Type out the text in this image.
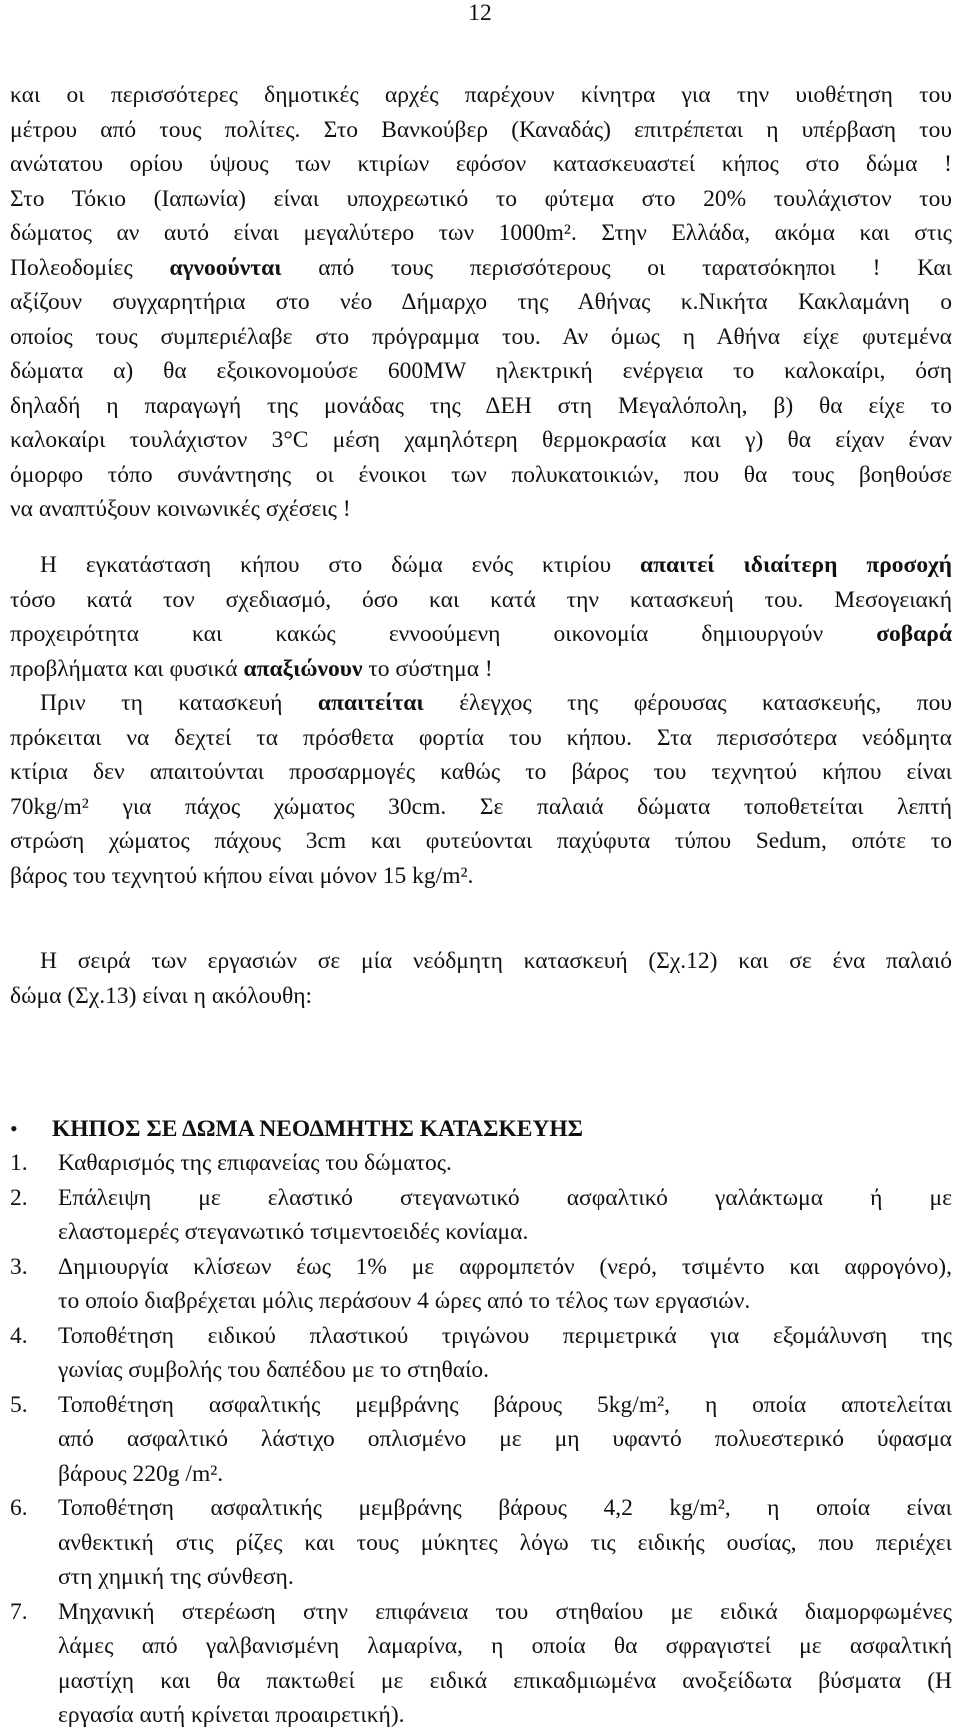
12
και οι περισσότερες δημοτικές αρχές παρέχουν κίνητρα για την υιοθέτηση του
μέτρου από τους πολίτες. Στο Βανκούβερ (Καναδάς) επιτρέπεται η υπέρβαση του
ανώτατου ορίου ύψους των κτιρίων εφόσον κατασκευαστεί κήπος στο δώμα !
Στο Τόκιο (Ιαπωνία) είναι υποχρεωτικό το φύτεμα στο 20% τουλάχιστον του
δώματος αν αυτό είναι μεγαλύτερο των 1000m². Στην Ελλάδα, ακόμα και στις
Πολεοδομίες αγνοούνται από τους περισσότερους οι ταρατσόκηποι ! Και
αξίζουν συγχαρητήρια στο νέο Δήμαρχο της Αθήνας κ.Νικήτα Κακλαμάνη ο
οποίος τους συμπεριέλαβε στο πρόγραμμα του. Αν όμως η Αθήνα είχε φυτεμένα
δώματα α) θα εξοικονομούσε 600MW ηλεκτρική ενέργεια το καλοκαίρι, όση
δηλαδή η παραγωγή της μονάδας της ΔΕΗ στη Μεγαλόπολη, β) θα είχε το
καλοκαίρι τουλάχιστον 3°C μέση χαμηλότερη θερμοκρασία και γ) θα είχαν έναν
όμορφο τόπο συνάντησης οι ένοικοι των πολυκατοικιών, που θα τους βοηθούσε
να αναπτύξουν κοινωνικές σχέσεις !
Η εγκατάσταση κήπου στο δώμα ενός κτιρίου απαιτεί ιδιαίτερη προσοχή
τόσο κατά τον σχεδιασμό, όσο και κατά την κατασκευή του. Μεσογειακή
προχειρότητα και κακώς εννοούμενη οικονομία δημιουργούν σοβαρά
προβλήματα και φυσικά απαξιώνουν το σύστημα !
Πριν τη κατασκευή απαιτείται έλεγχος της φέρουσας κατασκευής, που
πρόκειται να δεχτεί τα πρόσθετα φορτία του κήπου. Στα περισσότερα νεόδμητα
κτίρια δεν απαιτούνται προσαρμογές καθώς το βάρος του τεχνητού κήπου είναι
70kg/m² για πάχος χώματος 30cm. Σε παλαιά δώματα τοποθετείται λεπτή
στρώση χώματος πάχους 3cm και φυτεύονται παχύφυτα τύπου Sedum, οπότε το
βάρος του τεχνητού κήπου είναι μόνον 15 kg/m².
Η σειρά των εργασιών σε μία νεόδμητη κατασκευή (Σχ.12) και σε ένα παλαιό
δώμα (Σχ.13) είναι η ακόλουθη:
• ΚΗΠΟΣ ΣΕ ΔΩΜΑ ΝΕΟΔΜΗΤΗΣ ΚΑΤΑΣΚΕΥΗΣ
1. Καθαρισμός της επιφανείας του δώματος.
2. Επάλειψη με ελαστικό στεγανωτικό ασφαλτικό γαλάκτωμα ή με
ελαστομερές στεγανωτικό τσιμεντοειδές κονίαμα.
3. Δημιουργία κλίσεων έως 1% με αφρομπετόν (νερό, τσιμέντο και αφρογόνο),
το οποίο διαβρέχεται μόλις περάσουν 4 ώρες από το τέλος των εργασιών.
4. Τοποθέτηση ειδικού πλαστικού τριγώνου περιμετρικά για εξομάλυνση της
γωνίας συμβολής του δαπέδου με το στηθαίο.
5. Τοποθέτηση ασφαλτικής μεμβράνης βάρους 5kg/m², η οποία αποτελείται
από ασφαλτικό λάστιχο οπλισμένο με μη υφαντό πολυεστερικό ύφασμα
βάρους 220g /m².
6. Τοποθέτηση ασφαλτικής μεμβράνης βάρους 4,2 kg/m², η οποία είναι
ανθεκτική στις ρίζες και τους μύκητες λόγω τις ειδικής ουσίας, που περιέχει
στη χημική της σύνθεση.
7. Μηχανική στερέωση στην επιφάνεια του στηθαίου με ειδικά διαμορφωμένες
λάμες από γαλβανισμένη λαμαρίνα, η οποία θα σφραγιστεί με ασφαλτική
μαστίχη και θα πακτωθεί με ειδικά επικαδμιωμένα ανοξείδωτα βύσματα (Η
εργασία αυτή κρίνεται προαιρετική).
